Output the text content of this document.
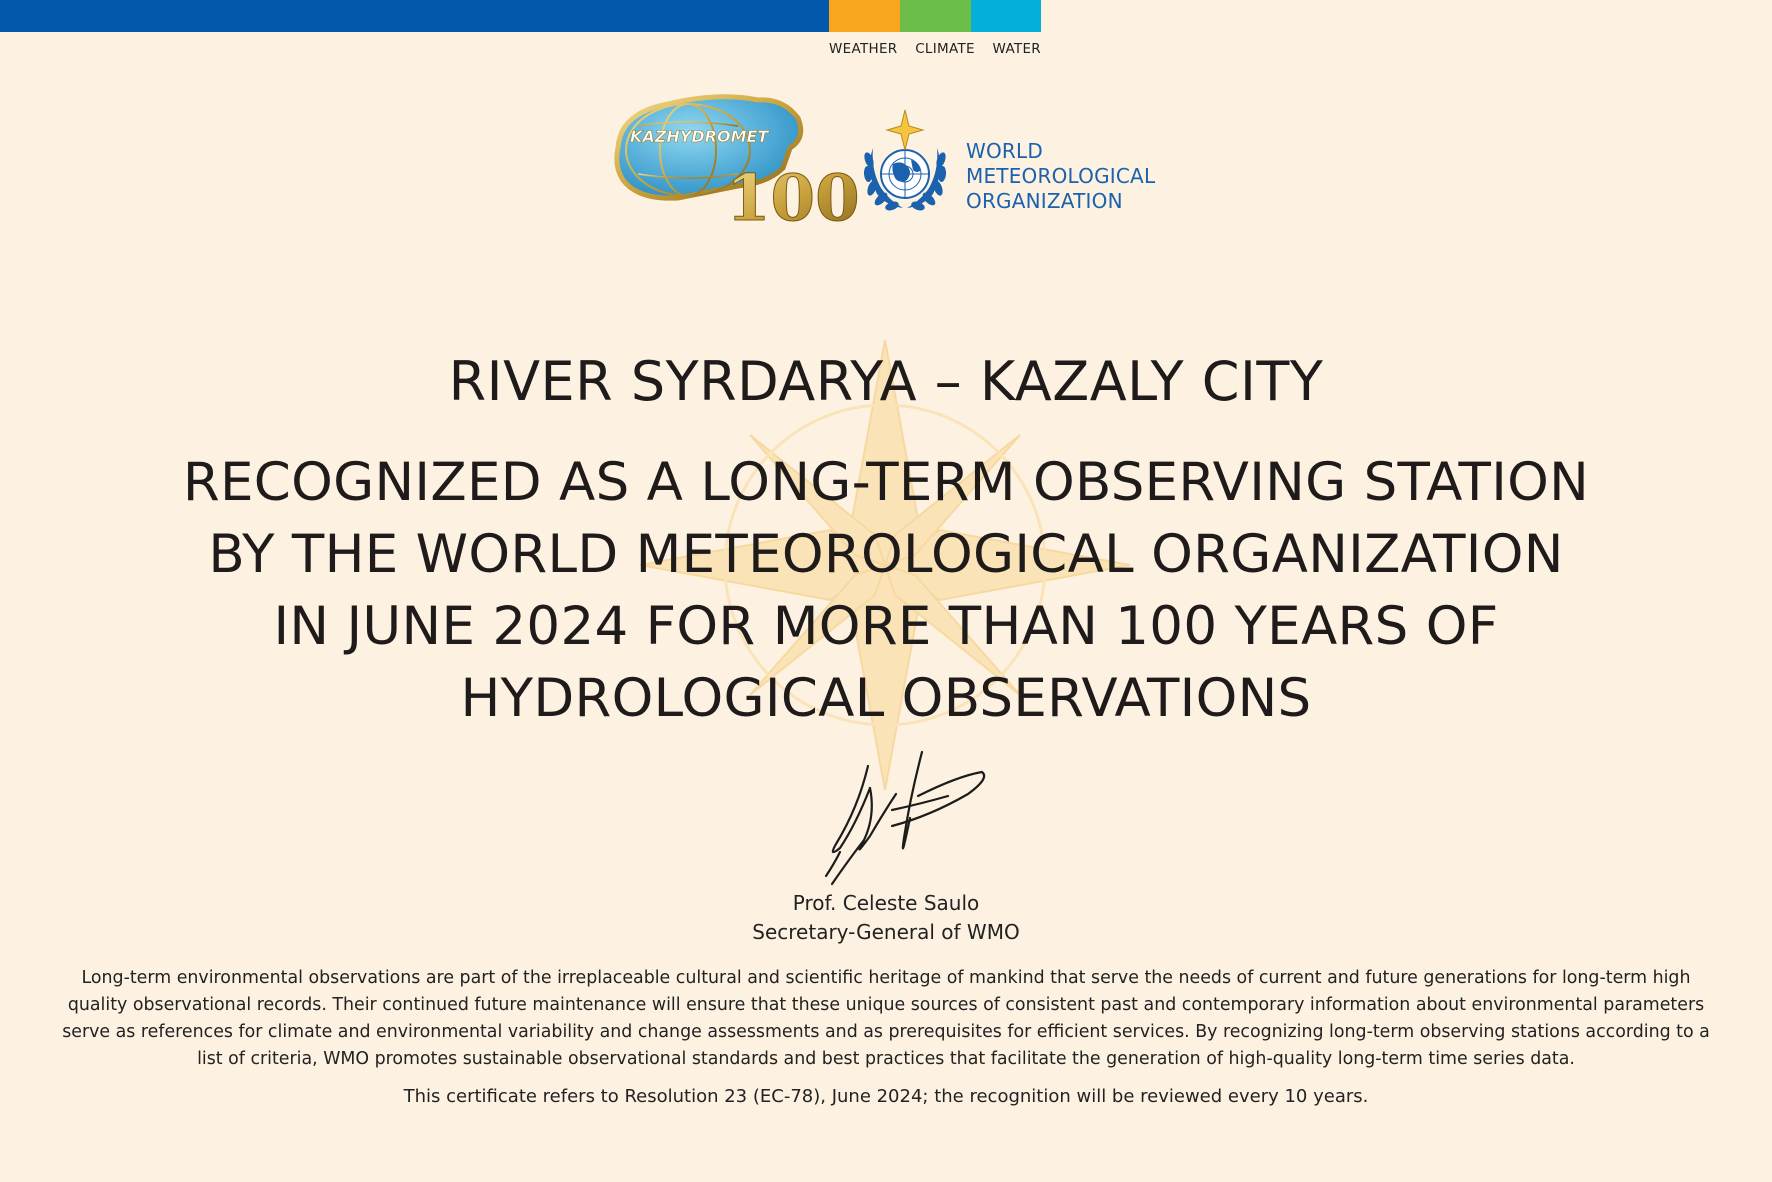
WEATHER CLIMATE WATER
KAZHYDROMET
100
WORLD
METEOROLOGICAL
ORGANIZATION
RIVER SYRDARYA – KAZALY CITY
RECOGNIZED AS A LONG-TERM OBSERVING STATION
BY THE WORLD METEOROLOGICAL ORGANIZATION
IN JUNE 2024 FOR MORE THAN 100 YEARS OF
HYDROLOGICAL OBSERVATIONS
Prof. Celeste Saulo
Secretary-General of WMO
Long-term environmental observations are part of the irreplaceable cultural and scientific heritage of mankind that serve the needs of current and future generations for long-term high
quality observational records. Their continued future maintenance will ensure that these unique sources of consistent past and contemporary information about environmental parameters
serve as references for climate and environmental variability and change assessments and as prerequisites for efficient services. By recognizing long-term observing stations according to a
list of criteria, WMO promotes sustainable observational standards and best practices that facilitate the generation of high-quality long-term time series data.
This certificate refers to Resolution 23 (EC-78), June 2024; the recognition will be reviewed every 10 years.
